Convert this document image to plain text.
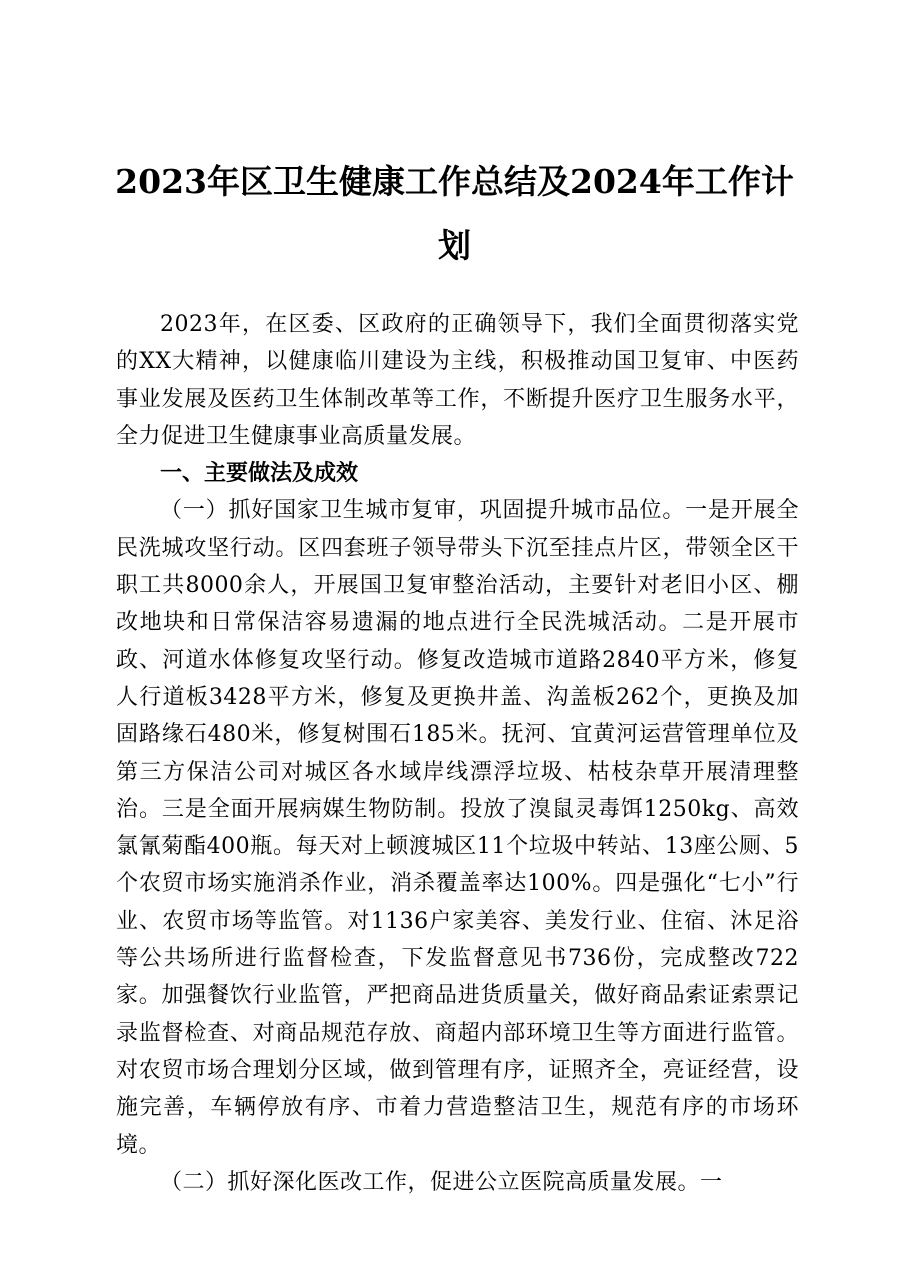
2023年区卫生健康工作总结及2024年工作计划

2023年，在区委、区政府的正确领导下，我们全面贯彻落实党的XX大精神，以健康临川建设为主线，积极推动国卫复审、中医药事业发展及医药卫生体制改革等工作，不断提升医疗卫生服务水平，全力促进卫生健康事业高质量发展。

一、主要做法及成效

（一）抓好国家卫生城市复审，巩固提升城市品位。一是开展全民洗城攻坚行动。区四套班子领导带头下沉至挂点片区，带领全区干职工共8000余人，开展国卫复审整治活动，主要针对老旧小区、棚改地块和日常保洁容易遗漏的地点进行全民洗城活动。二是开展市政、河道水体修复攻坚行动。修复改造城市道路2840平方米，修复人行道板3428平方米，修复及更换井盖、沟盖板262个，更换及加固路缘石480米，修复树围石185米。抚河、宜黄河运营管理单位及第三方保洁公司对城区各水域岸线漂浮垃圾、枯枝杂草开展清理整治。三是全面开展病媒生物防制。投放了溴鼠灵毒饵1250kg、高效氯氰菊酯400瓶。每天对上顿渡城区11个垃圾中转站、13座公厕、5个农贸市场实施消杀作业，消杀覆盖率达100%。四是强化“七小”行业、农贸市场等监管。对1136户家美容、美发行业、住宿、沐足浴等公共场所进行监督检查，下发监督意见书736份，完成整改722家。加强餐饮行业监管，严把商品进货质量关，做好商品索证索票记录监督检查、对商品规范存放、商超内部环境卫生等方面进行监管。对农贸市场合理划分区域，做到管理有序，证照齐全，亮证经营，设施完善，车辆停放有序、市着力营造整洁卫生，规范有序的市场环境。

（二）抓好深化医改工作，促进公立医院高质量发展。一
